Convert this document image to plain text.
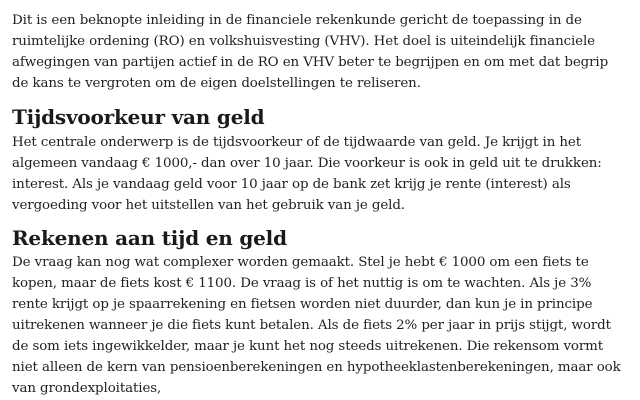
Dit is een beknopte inleiding in de financiele rekenkunde gericht de toepassing in de ruimtelijke ordening (RO) en volkshuisvesting (VHV). Het doel is uiteindelijk financiele afwegingen van partijen actief in de RO en VHV beter te begrijpen en om met dat begrip de kans te vergroten om de eigen doelstellingen te reliseren.

Tijdsvoorkeur van geld

Het centrale onderwerp is de tijdsvoorkeur of de tijdwaarde van geld. Je krijgt in het algemeen vandaag € 1000,- dan over 10 jaar. Die voorkeur is ook in geld uit te drukken: interest. Als je vandaag geld voor 10 jaar op de bank zet krijg je rente (interest) als vergoeding voor het uitstellen van het gebruik van je geld.

Rekenen aan tijd en geld

De vraag kan nog wat complexer worden gemaakt. Stel je hebt € 1000 om een fiets te kopen, maar de fiets kost € 1100. De vraag is of het nuttig is om te wachten. Als je 3% rente krijgt op je spaarrekening en fietsen worden niet duurder, dan kun je in principe uitrekenen wanneer je die fiets kunt betalen. Als de fiets 2% per jaar in prijs stijgt, wordt de som iets ingewikkelder, maar je kunt het nog steeds uitrekenen. Die rekensom vormt niet alleen de kern van pensioenberekeningen en hypotheeklastenberekeningen, maar ook van grondexploitaties,
